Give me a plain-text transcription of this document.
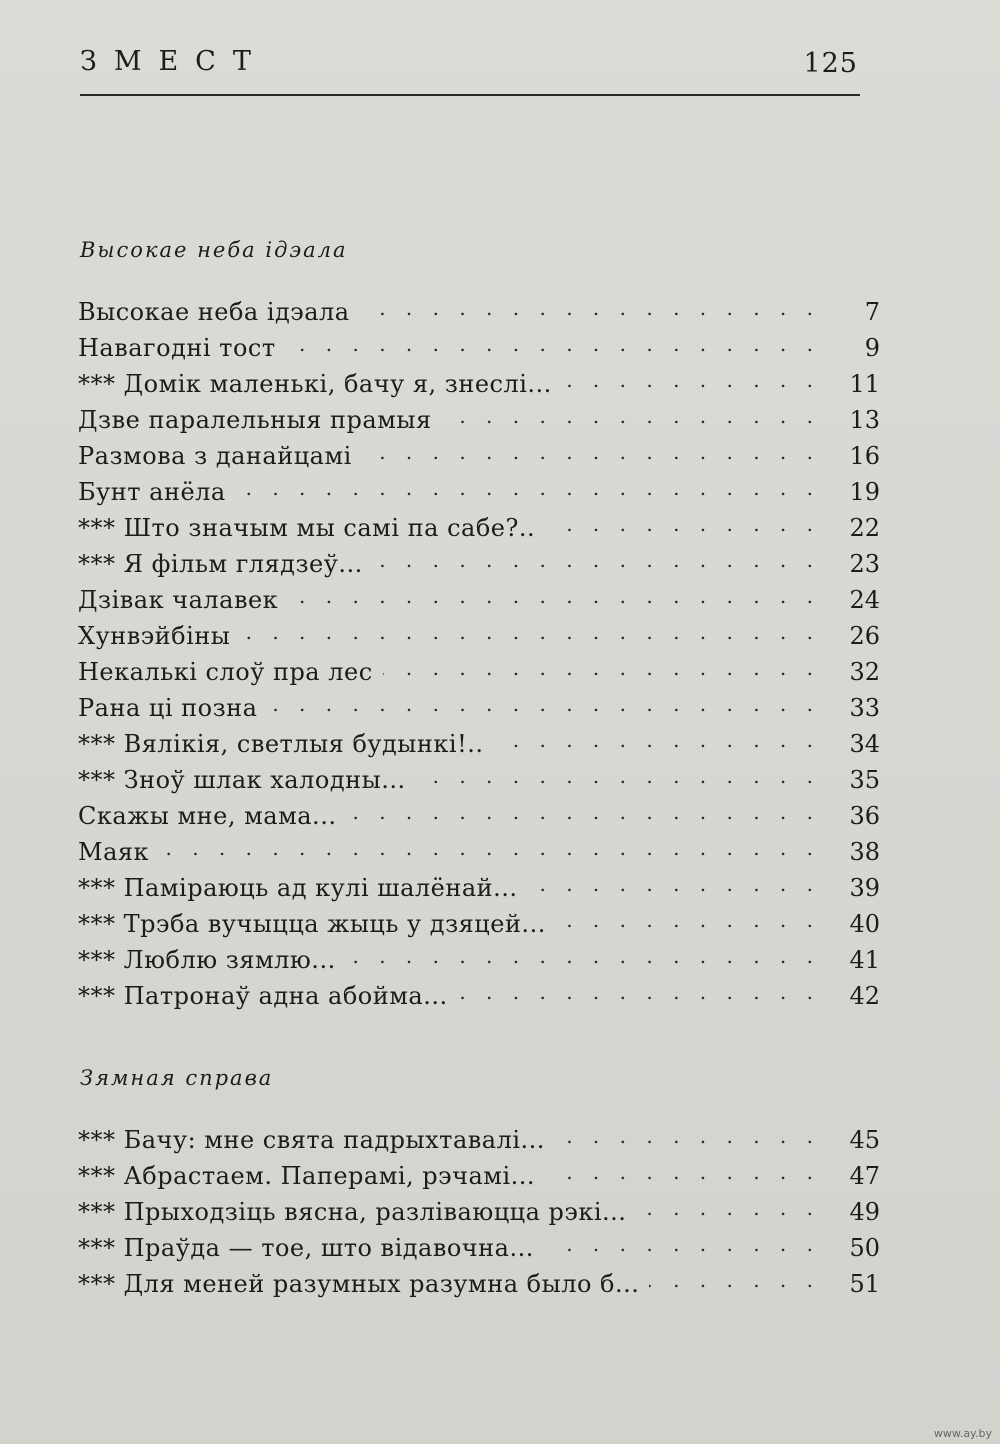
ЗМЕСТ	125
Высокае неба ідэала
Высокае неба ідэала . . .	7
Навагодні тост . . .	9
*** Домік маленькі, бачу я, знеслі... . . .	11
Дзве паралельныя прамыя . . .	13
Размова з данайцамі . . .	16
Бунт анёла . . .	19
*** Што значым мы самі па сабе?.. . . .	22
*** Я фільм глядзеў... . . .	23
Дзівак чалавек . . .	24
Хунвэйбіны . . .	26
Некалькі слоў пра лес . . .	32
Рана ці позна . . .	33
*** Вялікія, светлыя будынкі!.. . . .	34
*** Зноў шлак халодны... . . .	35
Скажы мне, мама... . . .	36
Маяк . . .	38
*** Паміраюць ад кулі шалёнай... . . .	39
*** Трэба вучыцца жыць у дзяцей... . . .	40
*** Люблю зямлю... . . .	41
*** Патронаў адна абойма... . . .	42
Зямная справа
*** Бачу: мне свята падрыхтавалі... . . .	45
*** Абрастаем. Паперамі, рэчамі... . . .	47
*** Прыходзіць вясна, разліваюцца рэкі... . . .	49
*** Праўда — тое, што відавочна... . . .	50
*** Для меней разумных разумна было б... . . .	51
www.ay.by
